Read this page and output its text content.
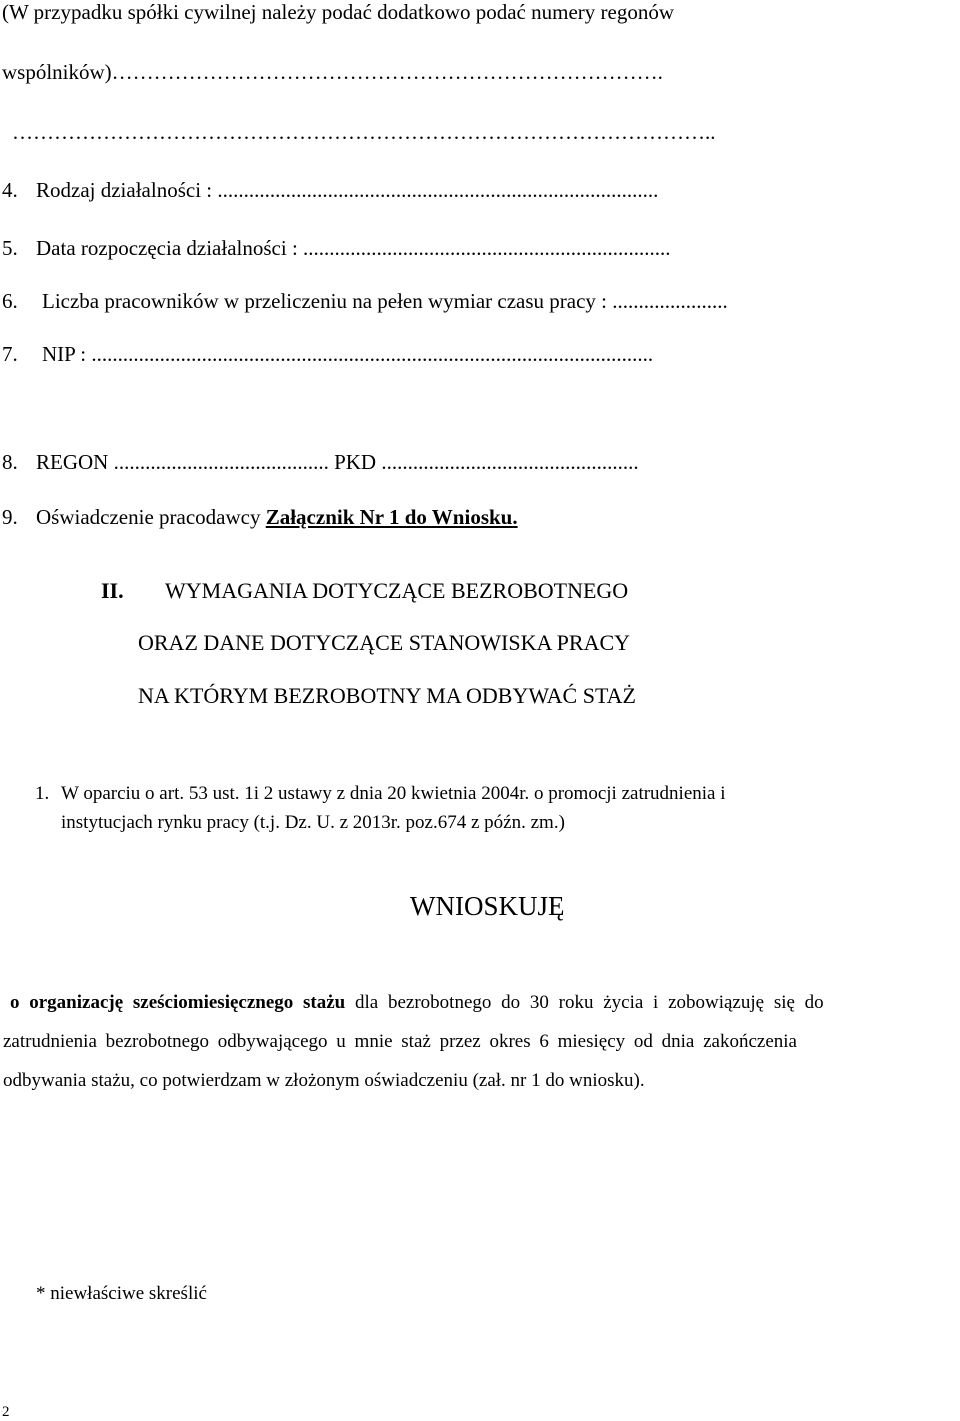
(W przypadku spółki cywilnej należy podać dodatkowo podać numery regonów
wspólników)…………………………………………………………………….
………………………………………………………………………………………..
4. Rodzaj działalności : ....................................................................................
5. Data rozpoczęcia działalności : ......................................................................
6. Liczba pracowników w przeliczeniu na pełen wymiar czasu pracy : ......................
7. NIP : ...........................................................................................................
8. REGON ......................................... PKD .................................................
9. Oświadczenie pracodawcy Załącznik Nr 1 do Wniosku.
II. WYMAGANIA DOTYCZĄCE BEZROBOTNEGO
ORAZ DANE DOTYCZĄCE STANOWISKA PRACY
NA KTÓRYM BEZROBOTNY MA ODBYWAĆ STAŻ
1. W oparciu o art. 53 ust. 1i 2 ustawy z dnia 20 kwietnia 2004r. o promocji zatrudnienia i
instytucjach rynku pracy (t.j. Dz. U. z 2013r. poz.674 z późn. zm.)
WNIOSKUJĘ
o organizację sześciomiesięcznego stażu dla bezrobotnego do 30 roku życia i zobowiązuję się do
zatrudnienia bezrobotnego odbywającego u mnie staż przez okres 6 miesięcy od dnia zakończenia
odbywania stażu, co potwierdzam w złożonym oświadczeniu (zał. nr 1 do wniosku).
* niewłaściwe skreślić
2
